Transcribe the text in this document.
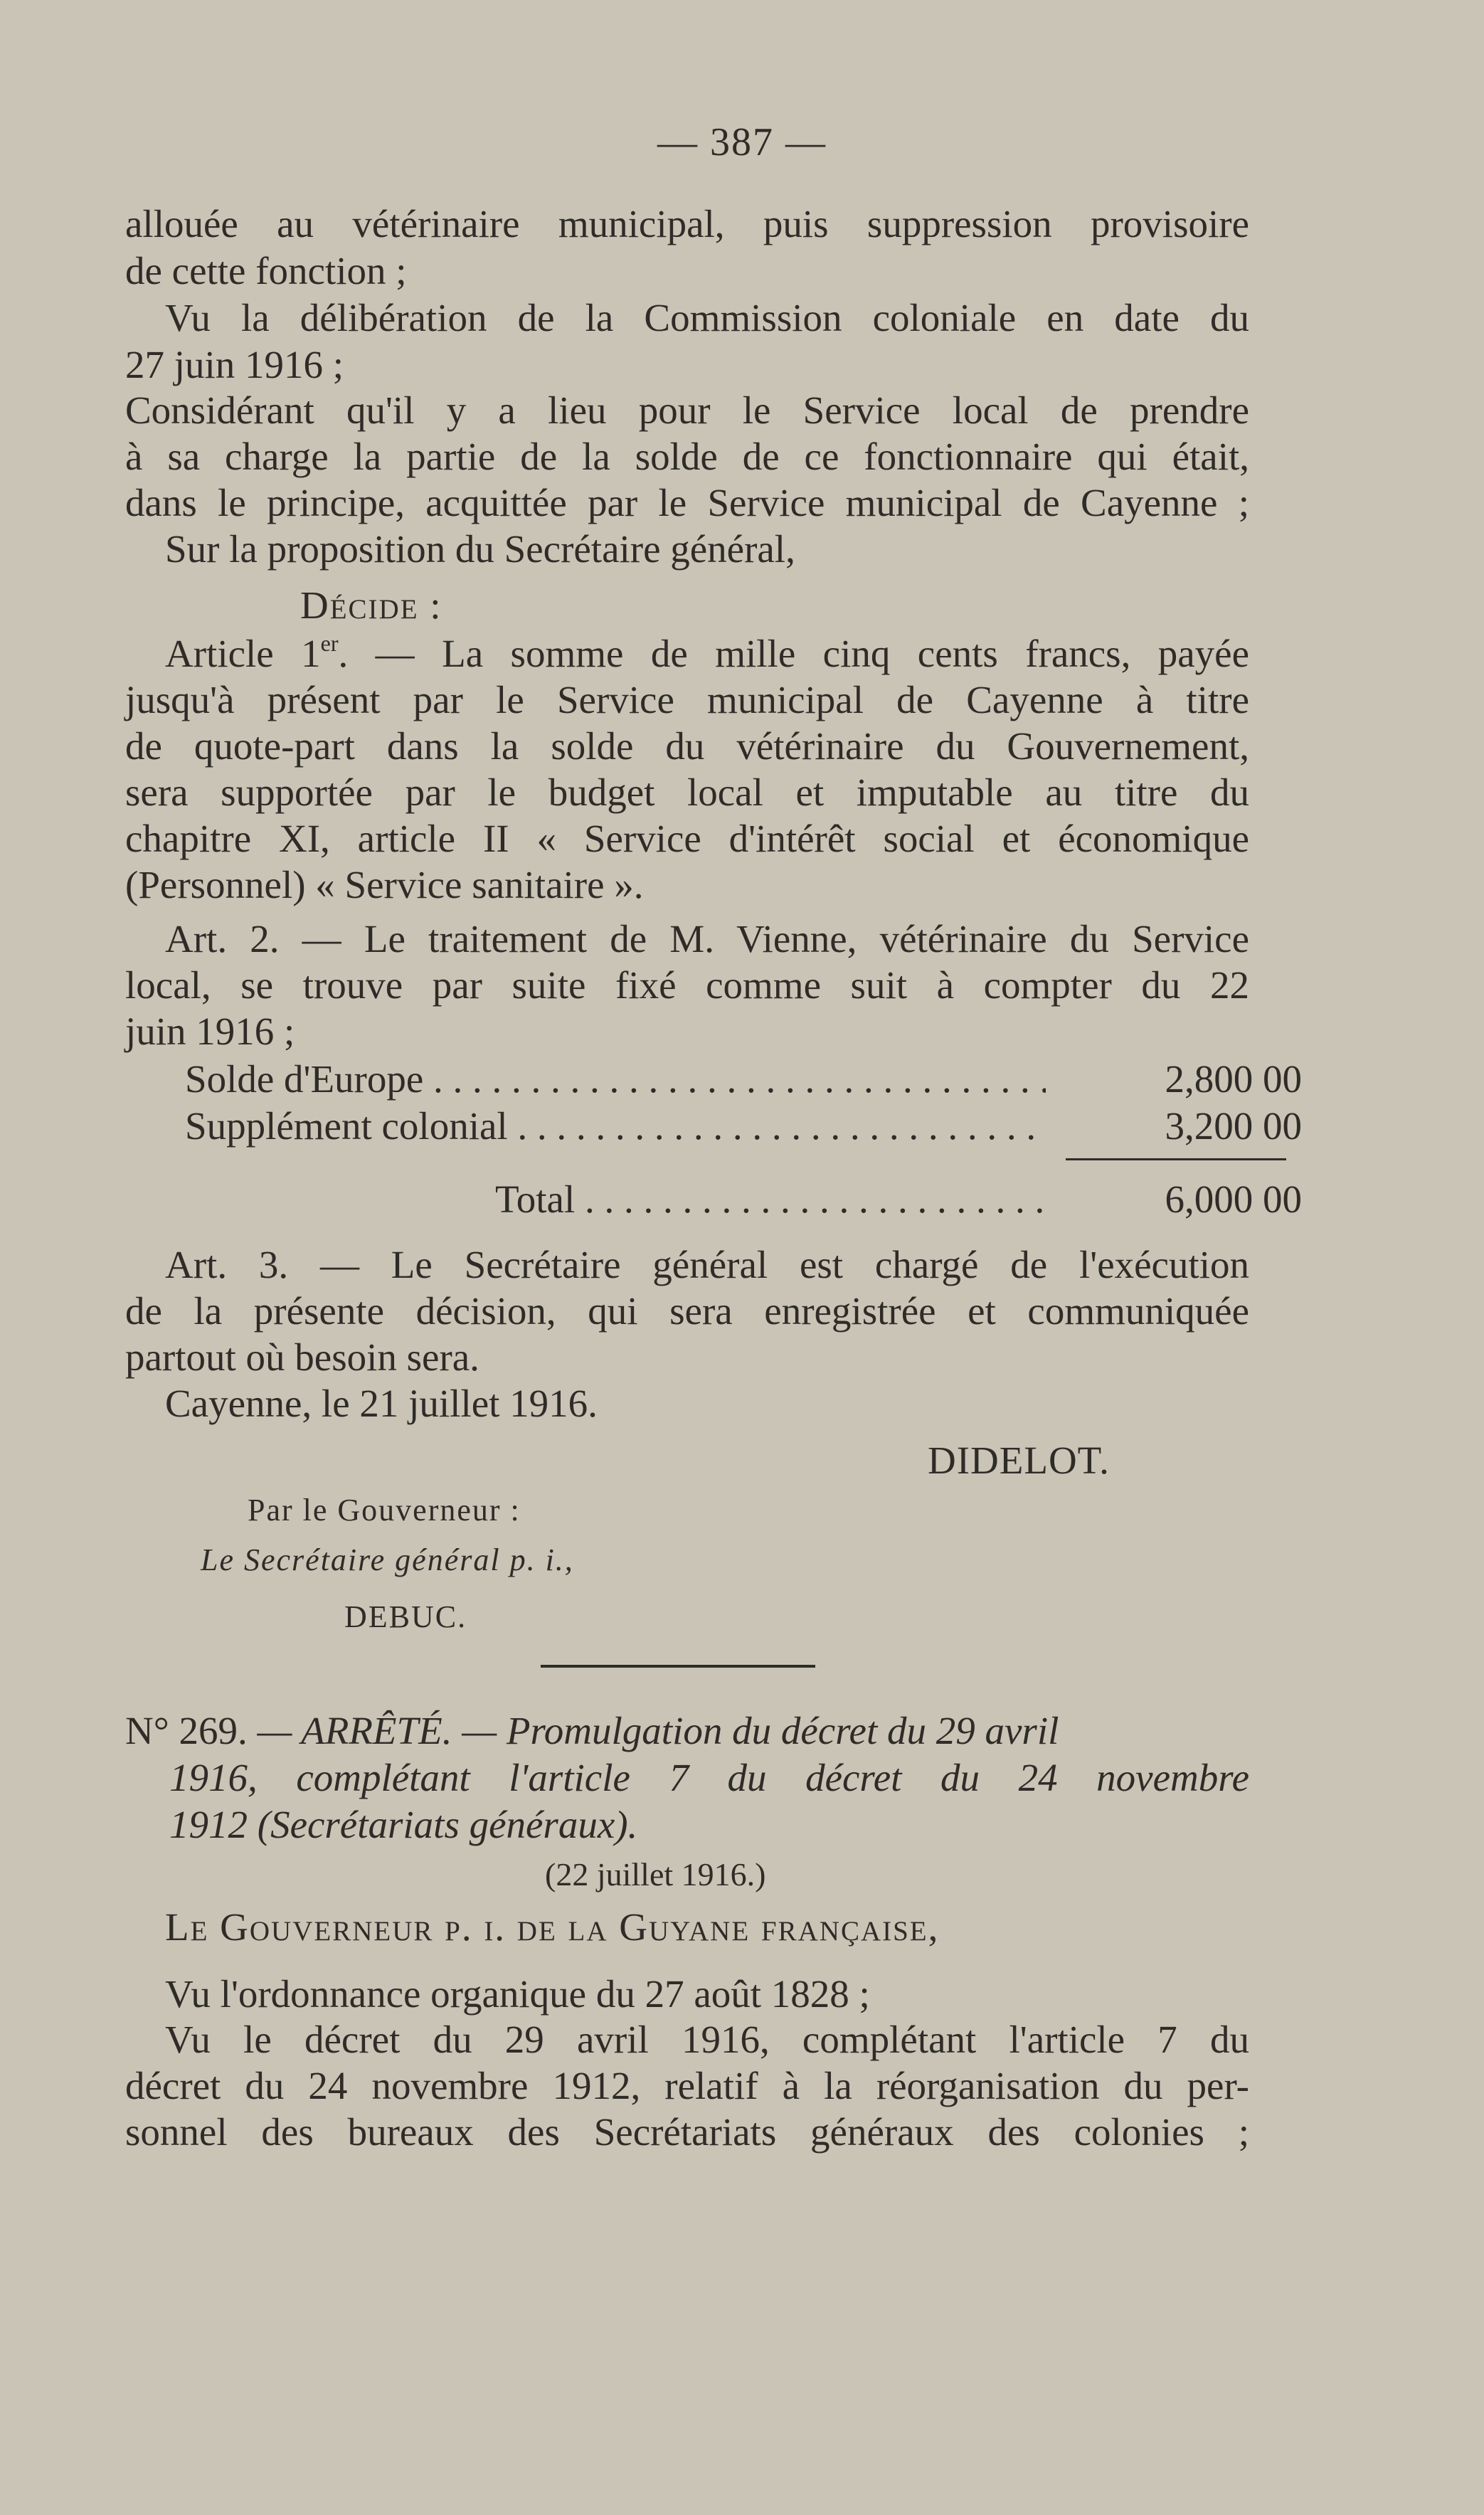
— 387 —
allouée au vétérinaire municipal, puis suppression provisoire
de cette fonction ;
Vu la délibération de la Commission coloniale en date du
27 juin 1916 ;
Considérant qu'il y a lieu pour le Service local de prendre
à sa charge la partie de la solde de ce fonctionnaire qui était,
dans le principe, acquittée par le Service municipal de Cayenne ;
Sur la proposition du Secrétaire général,
Décide :
Article 1er. — La somme de mille cinq cents francs, payée
jusqu'à présent par le Service municipal de Cayenne à titre
de quote-part dans la solde du vétérinaire du Gouvernement,
sera supportée par le budget local et imputable au titre du
chapitre XI, article II « Service d'intérêt social et économique
(Personnel) « Service sanitaire ».
Art. 2. — Le traitement de M. Vienne, vétérinaire du Service
local, se trouve par suite fixé comme suit à compter du 22
juin 1916 ;
Solde d'Europe . . .	2,800 00
Supplément colonial . . .	3,200 00
Total . . .	6,000 00
Art. 3. — Le Secrétaire général est chargé de l'exécution
de la présente décision, qui sera enregistrée et communiquée
partout où besoin sera.
Cayenne, le 21 juillet 1916.
DIDELOT.
Par le Gouverneur :
Le Secrétaire général p. i.,
DEBUC.
N° 269. — ARRÊTÉ. — Promulgation du décret du 29 avril
1916, complétant l'article 7 du décret du 24 novembre
1912 (Secrétariats généraux).
(22 juillet 1916.)
Le Gouverneur p. i. de la Guyane française,
Vu l'ordonnance organique du 27 août 1828 ;
Vu le décret du 29 avril 1916, complétant l'article 7 du
décret du 24 novembre 1912, relatif à la réorganisation du per-
sonnel des bureaux des Secrétariats généraux des colonies ;
